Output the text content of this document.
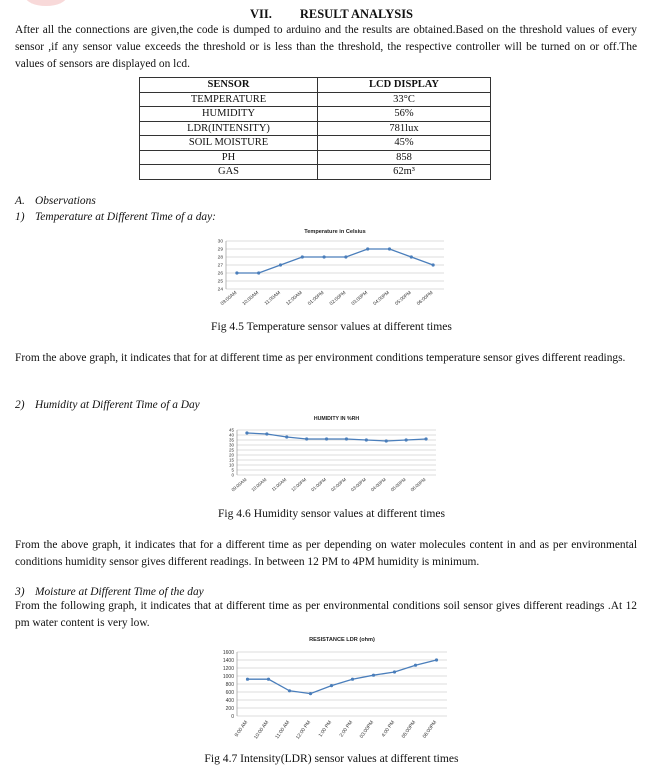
VII. RESULT ANALYSIS
After all the connections are given,the code is dumped to arduino and the results are obtained.Based on the threshold values of every sensor ,if any sensor value exceeds the threshold or is less than the threshold, the respective controller will be turned on or off.The values of sensors are displayed on lcd.
SENSOR	LCD DISPLAY
TEMPERATURE	33°C
HUMIDITY	56%
LDR(INTENSITY)	781lux
SOIL MOISTURE	45%
PH	858
GAS	62m³
A. Observations
1) Temperature at Different Time of a day:
Temperature in Celsius
24
25
26
27
28
29
30
09:00AM 10:00AM 11:00AM 12:00AM 01:00PM 02:00PM 03:00PM 04:00PM 05:00PM 06:00PM
Fig 4.5 Temperature sensor values at different times
From the above graph, it indicates that for at different time as per environment conditions temperature sensor gives different readings.
2) Humidity at Different Time of a Day
HUMIDITY IN %RH
0
5
10
15
20
25
30
35
40
45
09:00AM 10:00AM 11:00AM 12:00PM 01:00PM 02:00PM 03:00PM 04:00PM 05:00PM 06:00PM
Fig 4.6 Humidity sensor values at different times
From the above graph, it indicates that for a different time as per depending on water molecules content in and as per environmental conditions humidity sensor gives different readings. In between 12 PM to 4PM humidity is minimum.
3) Moisture at Different Time of the day
From the following graph, it indicates that at different time as per environmental conditions soil sensor gives different readings .At 12 pm water content is very low.
RESISTANCE LDR (ohm)
0
200
400
600
800
1000
1200
1400
1600
9:00 AM 10:00 AM 11:00 AM 12:00 PM 1:00 PM 2:00 PM 03:00PM 4:00 PM 05:00PM 06:00PM
Fig 4.7 Intensity(LDR) sensor values at different times
